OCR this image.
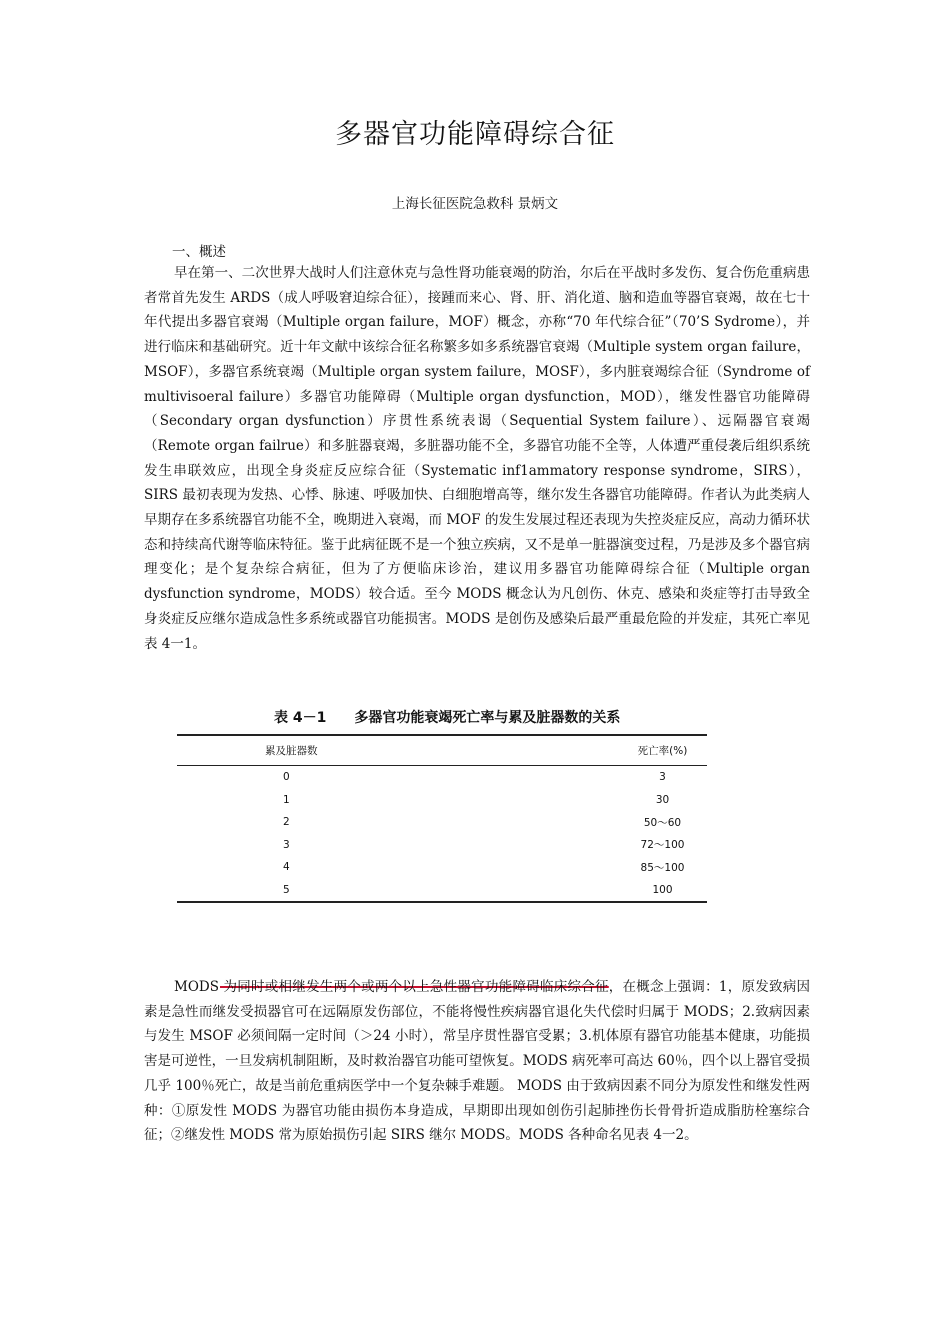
多器官功能障碍综合征
上海长征医院急救科 景炳文
一、概述

早在第一、二次世界大战时人们注意休克与急性肾功能衰竭的防治，尔后在平战时多发伤、复合伤危重病患者常首先发生 ARDS（成人呼吸窘迫综合征），接踵而来心、肾、肝、消化道、脑和造血等器官衰竭，故在七十年代提出多器官衰竭（Multiple organ failure，MOF）概念，亦称“70 年代综合征”（70’S Sydrome），并进行临床和基础研究。近十年文献中该综合征名称繁多如多系统器官衰竭（Multiple system organ failure，MSOF），多器官系统衰竭（Multiple organ system failure，MOSF），多内脏衰竭综合征（Syndrome of multivisoeral failure）多器官功能障碍（Multiple organ dysfunction，MOD），继发性器官功能障碍（Secondary organ dysfunction）序贯性系统表谒（Sequential System failure）、远隔器官衰竭（Remote organ failrue）和多脏器衰竭，多脏器功能不全，多器官功能不全等，人体遭严重侵袭后组织系统发生串联效应，出现全身炎症反应综合征（Systematic inf1ammatory response syndrome，SIRS），SIRS 最初表现为发热、心悸、脉速、呼吸加快、白细胞增高等，继尔发生各器官功能障碍。作者认为此类病人早期存在多系统器官功能不全，晚期进入衰竭，而 MOF 的发生发展过程还表现为失控炎症反应，高动力循环状态和持续高代谢等临床特征。鉴于此病征既不是一个独立疾病，又不是单一脏器演变过程，乃是涉及多个器官病理变化；是个复杂综合病征，但为了方便临床诊治，建议用多器官功能障碍综合征（Multiple organ dysfunction syndrome，MODS）较合适。至今 MODS 概念认为凡创伤、休克、感染和炎症等打击导致全身炎症反应继尔造成急性多系统或器官功能损害。MODS 是创伤及感染后最严重最危险的并发症，其死亡率见表 4一1。

表 4－1 多器官功能衰竭死亡率与累及脏器数的关系
累及脏器数	死亡率(%)
0	3
1	30
2	50～60
3	72～100
4	85～100
5	100

MODS 为同时或相继发生两个或两个以上急性器官功能障碍临床综合征，在概念上强调：1，原发致病因素是急性而继发受损器官可在远隔原发伤部位，不能将慢性疾病器官退化失代偿时归属于 MODS；2.致病因素与发生 MSOF 必须间隔一定时间（＞24 小时），常呈序贯性器官受累；3.机体原有器官功能基本健康，功能损害是可逆性，一旦发病机制阻断，及时救治器官功能可望恢复。MODS 病死率可高达 60％，四个以上器官受损几乎 100％死亡，故是当前危重病医学中一个复杂棘手难题。 MODS 由于致病因素不同分为原发性和继发性两种：①原发性 MODS 为器官功能由损伤本身造成，早期即出现如创伤引起肺挫伤长骨骨折造成脂肪栓塞综合征；②继发性 MODS 常为原始损伤引起 SIRS 继尔 MODS。MODS 各种命名见表 4一2。
